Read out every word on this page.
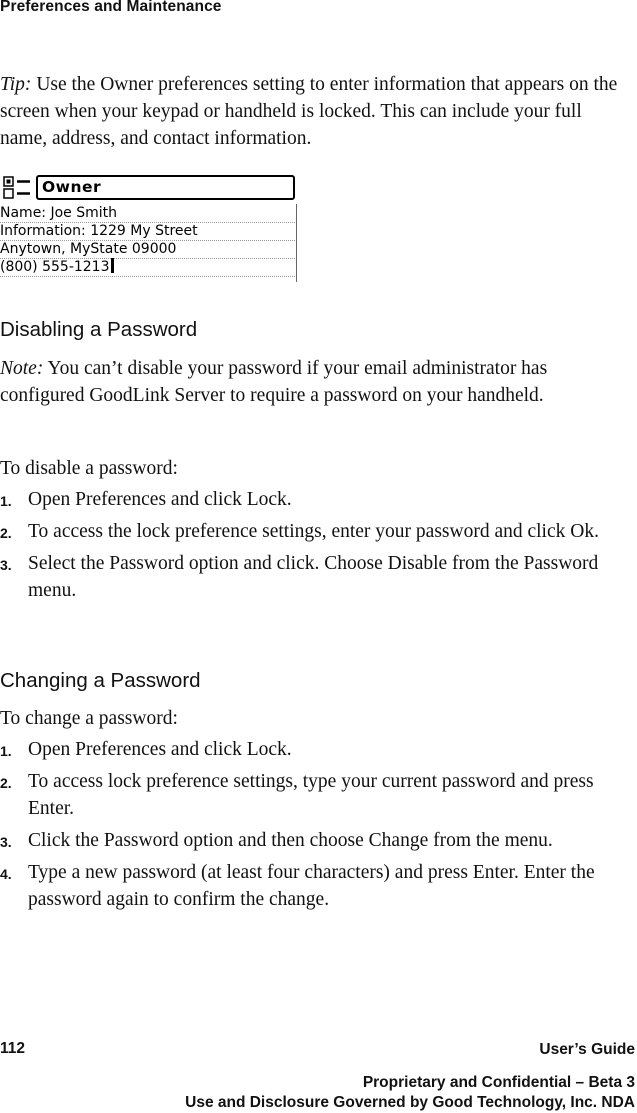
Preferences and Maintenance

Tip: Use the Owner preferences setting to enter information that appears on the screen when your keypad or handheld is locked. This can include your full name, address, and contact information.

Owner
Name: Joe Smith
Information: 1229 My Street
Anytown, MyState 09000
(800) 555-1213
Disabling a Password

Note: You can’t disable your password if your email administrator has configured GoodLink Server to require a password on your handheld.

To disable a password:

1. Open Preferences and click Lock.
2. To access the lock preference settings, enter your password and click Ok.
3. Select the Password option and click. Choose Disable from the Password menu.
Changing a Password

To change a password:

1. Open Preferences and click Lock.
2. To access lock preference settings, type your current password and press Enter.
3. Click the Password option and then choose Change from the menu.
4. Type a new password (at least four characters) and press Enter. Enter the password again to confirm the change.
112	User’s Guide
Proprietary and Confidential – Beta 3
Use and Disclosure Governed by Good Technology, Inc. NDA
